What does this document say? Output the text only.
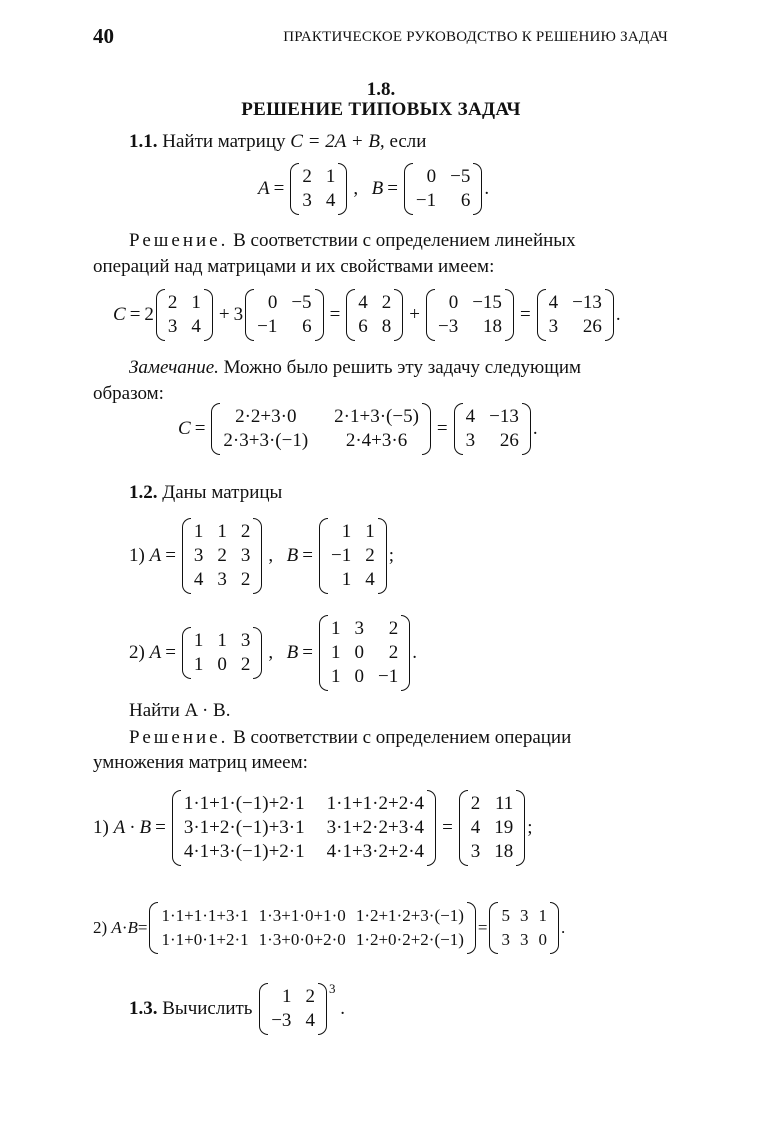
40	ПРАКТИЧЕСКОЕ РУКОВОДСТВО К РЕШЕНИЮ ЗАДАЧ
1.8.
РЕШЕНИЕ ТИПОВЫХ ЗАДАЧ
1.1. Найти матрицу C = 2A + B, если
A =
2 1
3 4
, B =
0 −5
−1	6
.
Решение. В соответствии с определением линейных
операций над матрицами и их свойствами имеем:
C = 2
2 1
3 4
+ 3
0 −5
−1	6
=
4 2
6 8
+
0 −15
−3	18
=
4 −13
3	26
.
Замечание. Можно было решить эту задачу следующим
образом:
C =
2·2+3·0	2·1+3·(−5)
2·3+3·(−1)	2·4+3·6
=
4 −13
3	26
.
1.2. Даны матрицы
1) A =
1 1 2
3 2 3
4 3 2
, B =
1 1
−1 2
1 4
;
2) A =
1 1 3
1 0 2
, B =
1 3	2
1 0	2
1 0 −1
.
Найти A · B.
Решение. В соответствии с определением операции
умножения матриц имеем:
1) A · B =
1·1+1·(−1)+2·1 1·1+1·2+2·4
3·1+2·(−1)+3·1 3·1+2·2+3·4
4·1+3·(−1)+2·1 4·1+3·2+2·4
=
2 11
4 19
3 18
;
2) A · B =
1·1+1·1+3·1 1·3+1·0+1·0 1·2+1·2+3·(−1)
1·1+0·1+2·1 1·3+0·0+2·0 1·2+0·2+2·(−1)
=
5 3 1
3 3 0
.
1.3.
Вычислить

1 2
−3 4
3
.
